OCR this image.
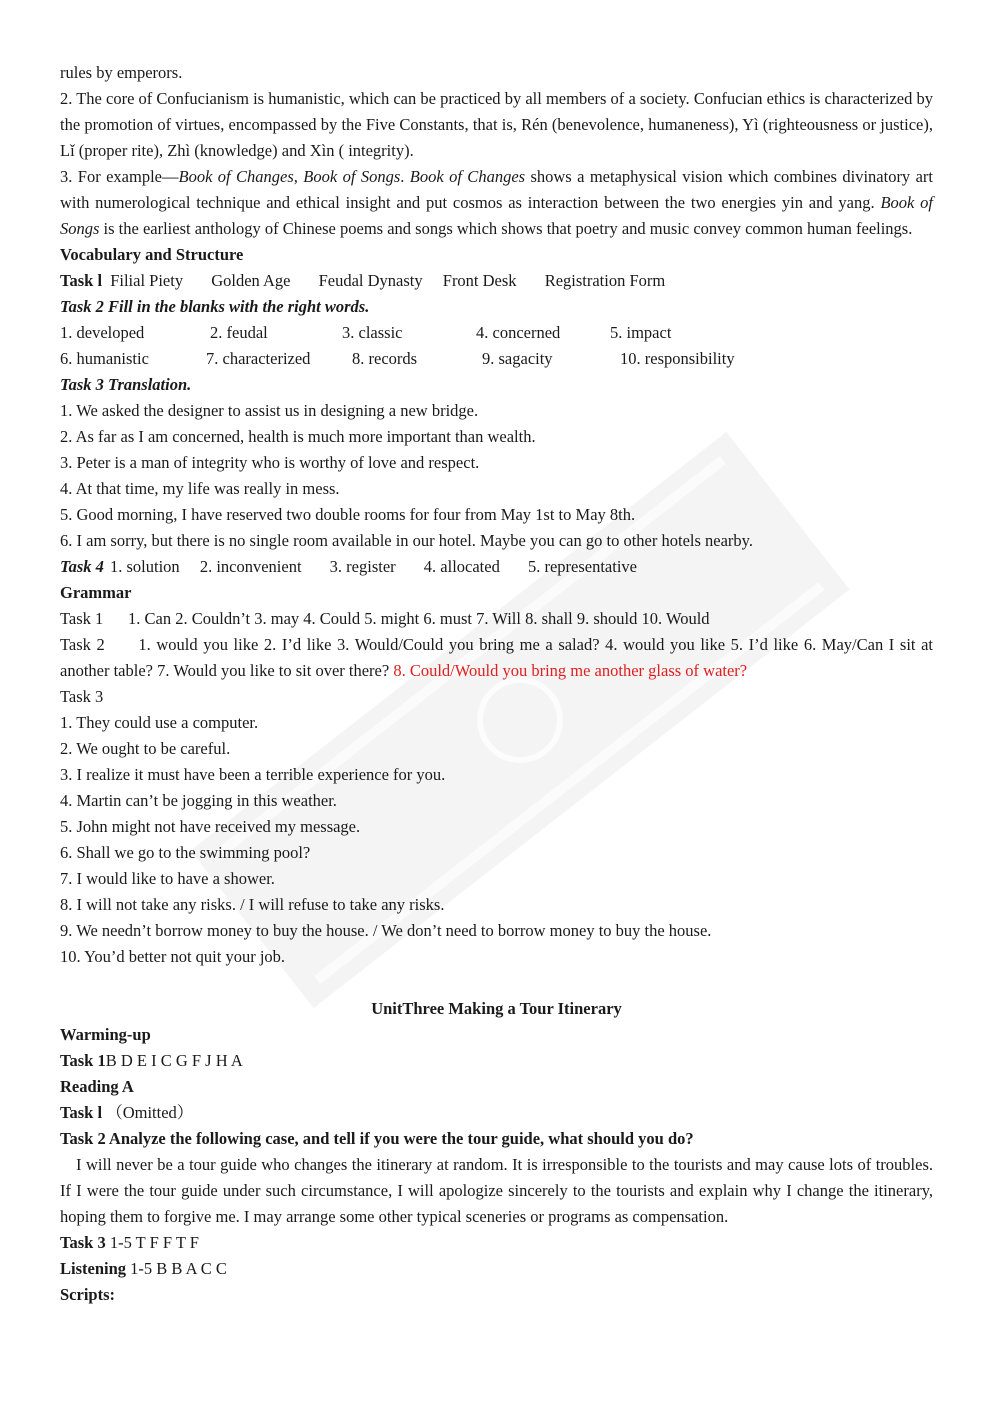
rules by emperors.
2. The core of Confucianism is humanistic, which can be practiced by all members of a society. Confucian ethics is characterized by the promotion of virtues, encompassed by the Five Constants, that is, Rén (benevolence, humaneness), Yì (righteousness or justice), Lǐ (proper rite), Zhì (knowledge) and Xìn ( integrity).
3. For example—Book of Changes, Book of Songs. Book of Changes shows a metaphysical vision which combines divinatory art with numerological technique and ethical insight and put cosmos as interaction between the two energies yin and yang. Book of Songs is the earliest anthology of Chinese poems and songs which shows that poetry and music convey common human feelings.
Vocabulary and Structure
Task l Filial Piety Golden Age Feudal Dynasty Front Desk Registration Form
Task 2 Fill in the blanks with the right words.
1. developed	2. feudal	3. classic	4. concerned	5. impact
6. humanistic	7. characterized	8. records	9. sagacity	10. responsibility
Task 3 Translation.
1. We asked the designer to assist us in designing a new bridge.
2. As far as I am concerned, health is much more important than wealth.
3. Peter is a man of integrity who is worthy of love and respect.
4. At that time, my life was really in mess.
5. Good morning, I have reserved two double rooms for four from May 1st to May 8th.
6. I am sorry, but there is no single room available in our hotel. Maybe you can go to other hotels nearby.
Task 4 1. solution 2. inconvenient 3. register 4. allocated 5. representative
Grammar
Task 1      1. Can 2. Couldn’t 3. may 4. Could 5. might 6. must 7. Will 8. shall 9. should 10. Would
Task 2      1. would you like 2. I’d like 3. Would/Could you bring me a salad? 4. would you like 5. I’d like 6. May/Can I sit at another table? 7. Would you like to sit over there? 8. Could/Would you bring me another glass of water?
Task 3
1. They could use a computer.
2. We ought to be careful.
3. I realize it must have been a terrible experience for you.
4. Martin can’t be jogging in this weather.
5. John might not have received my message.
6. Shall we go to the swimming pool?
7. I would like to have a shower.
8. I will not take any risks. / I will refuse to take any risks.
9. We needn’t borrow money to buy the house. / We don’t need to borrow money to buy the house.
10. You’d better not quit your job.
UnitThree Making a Tour Itinerary
Warming-up
Task 1B D E I C G F J H A
Reading A
Task l （Omitted）
Task 2 Analyze the following case, and tell if you were the tour guide, what should you do?
I will never be a tour guide who changes the itinerary at random. It is irresponsible to the tourists and may cause lots of troubles. If I were the tour guide under such circumstance, I will apologize sincerely to the tourists and explain why I change the itinerary, hoping them to forgive me. I may arrange some other typical sceneries or programs as compensation.
Task 3 1-5 T F F T F
Listening 1-5 B B A C C
Scripts:
